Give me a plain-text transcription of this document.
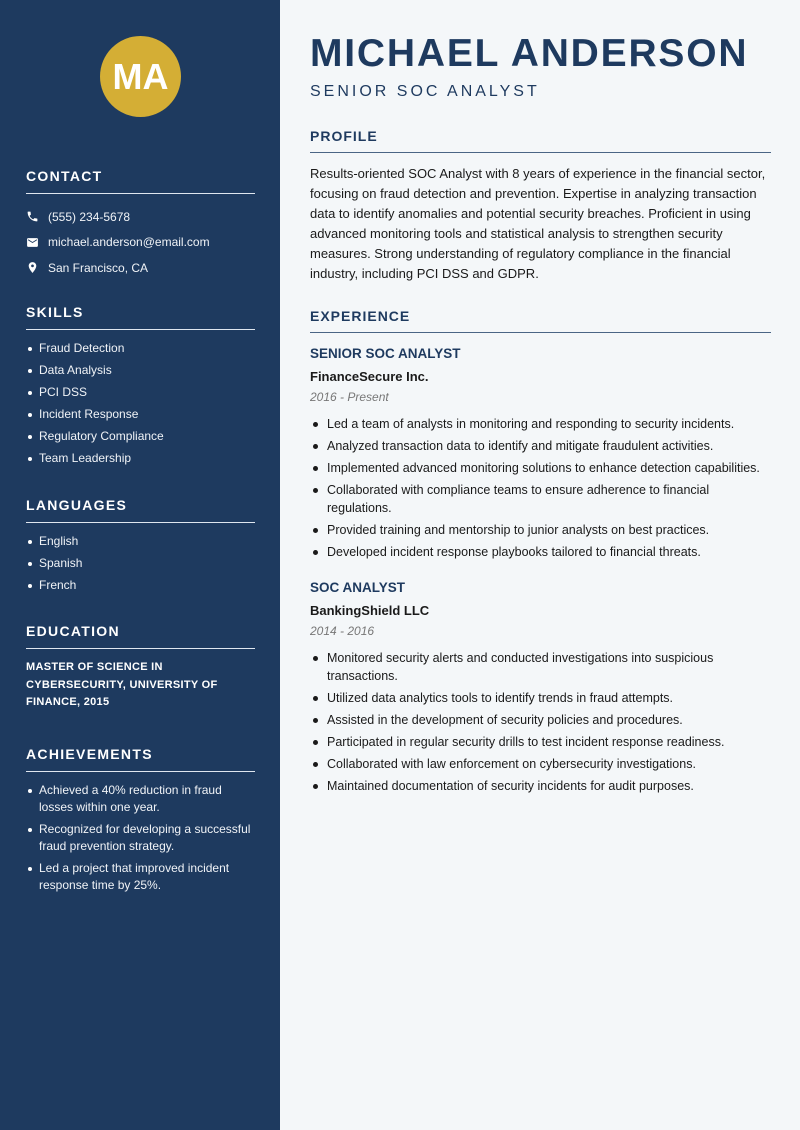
MA
CONTACT
(555) 234-5678
michael.anderson@email.com
San Francisco, CA
SKILLS
Fraud Detection
Data Analysis
PCI DSS
Incident Response
Regulatory Compliance
Team Leadership
LANGUAGES
English
Spanish
French
EDUCATION
MASTER OF SCIENCE IN CYBERSECURITY, UNIVERSITY OF FINANCE, 2015
ACHIEVEMENTS
Achieved a 40% reduction in fraud losses within one year.
Recognized for developing a successful fraud prevention strategy.
Led a project that improved incident response time by 25%.
MICHAEL ANDERSON
SENIOR SOC ANALYST
PROFILE
Results-oriented SOC Analyst with 8 years of experience in the financial sector, focusing on fraud detection and prevention. Expertise in analyzing transaction data to identify anomalies and potential security breaches. Proficient in using advanced monitoring tools and statistical analysis to strengthen security measures. Strong understanding of regulatory compliance in the financial industry, including PCI DSS and GDPR.
EXPERIENCE
SENIOR SOC ANALYST
FinanceSecure Inc.
2016 - Present
Led a team of analysts in monitoring and responding to security incidents.
Analyzed transaction data to identify and mitigate fraudulent activities.
Implemented advanced monitoring solutions to enhance detection capabilities.
Collaborated with compliance teams to ensure adherence to financial regulations.
Provided training and mentorship to junior analysts on best practices.
Developed incident response playbooks tailored to financial threats.
SOC ANALYST
BankingShield LLC
2014 - 2016
Monitored security alerts and conducted investigations into suspicious transactions.
Utilized data analytics tools to identify trends in fraud attempts.
Assisted in the development of security policies and procedures.
Participated in regular security drills to test incident response readiness.
Collaborated with law enforcement on cybersecurity investigations.
Maintained documentation of security incidents for audit purposes.
